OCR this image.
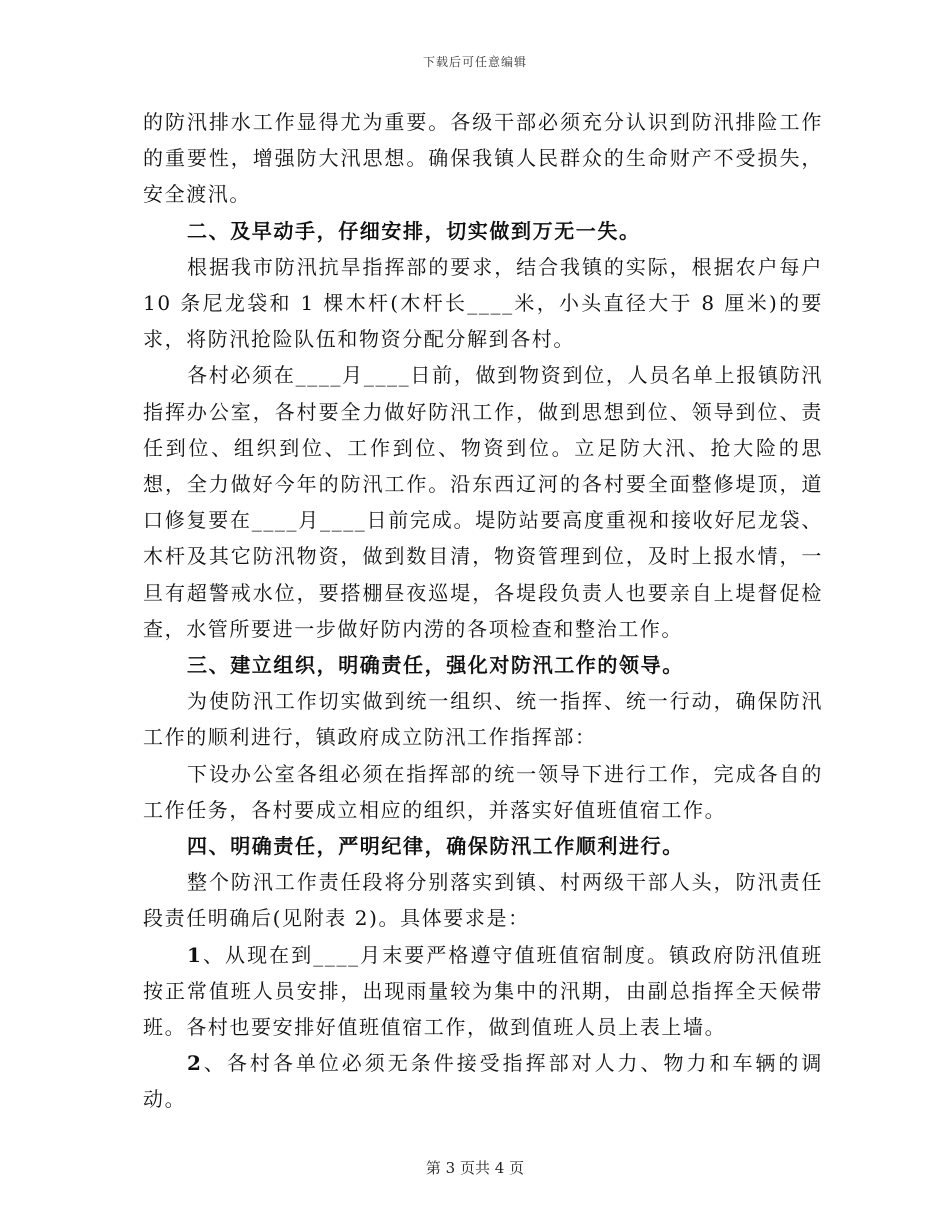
下载后可任意编辑

的防汛排水工作显得尤为重要。各级干部必须充分认识到防汛排险工作的重要性，增强防大汛思想。确保我镇人民群众的生命财产不受损失，安全渡汛。

二、及早动手，仔细安排，切实做到万无一失。

根据我市防汛抗旱指挥部的要求，结合我镇的实际，根据农户每户 10 条尼龙袋和 1 棵木杆(木杆长____米，小头直径大于 8 厘米)的要求，将防汛抢险队伍和物资分配分解到各村。

各村必须在____月____日前，做到物资到位，人员名单上报镇防汛指挥办公室，各村要全力做好防汛工作，做到思想到位、领导到位、责任到位、组织到位、工作到位、物资到位。立足防大汛、抢大险的思想，全力做好今年的防汛工作。沿东西辽河的各村要全面整修堤顶，道口修复要在____月____日前完成。堤防站要高度重视和接收好尼龙袋、木杆及其它防汛物资，做到数目清，物资管理到位，及时上报水情，一旦有超警戒水位，要搭棚昼夜巡堤，各堤段负责人也要亲自上堤督促检查，水管所要进一步做好防内涝的各项检查和整治工作。

三、建立组织，明确责任，强化对防汛工作的领导。

为使防汛工作切实做到统一组织、统一指挥、统一行动，确保防汛工作的顺利进行，镇政府成立防汛工作指挥部：

下设办公室各组必须在指挥部的统一领导下进行工作，完成各自的工作任务，各村要成立相应的组织，并落实好值班值宿工作。

四、明确责任，严明纪律，确保防汛工作顺利进行。

整个防汛工作责任段将分别落实到镇、村两级干部人头，防汛责任段责任明确后(见附表 2)。具体要求是：

1、从现在到____月末要严格遵守值班值宿制度。镇政府防汛值班按正常值班人员安排，出现雨量较为集中的汛期，由副总指挥全天候带班。各村也要安排好值班值宿工作，做到值班人员上表上墙。

2、各村各单位必须无条件接受指挥部对人力、物力和车辆的调动。

第 3 页共 4 页
